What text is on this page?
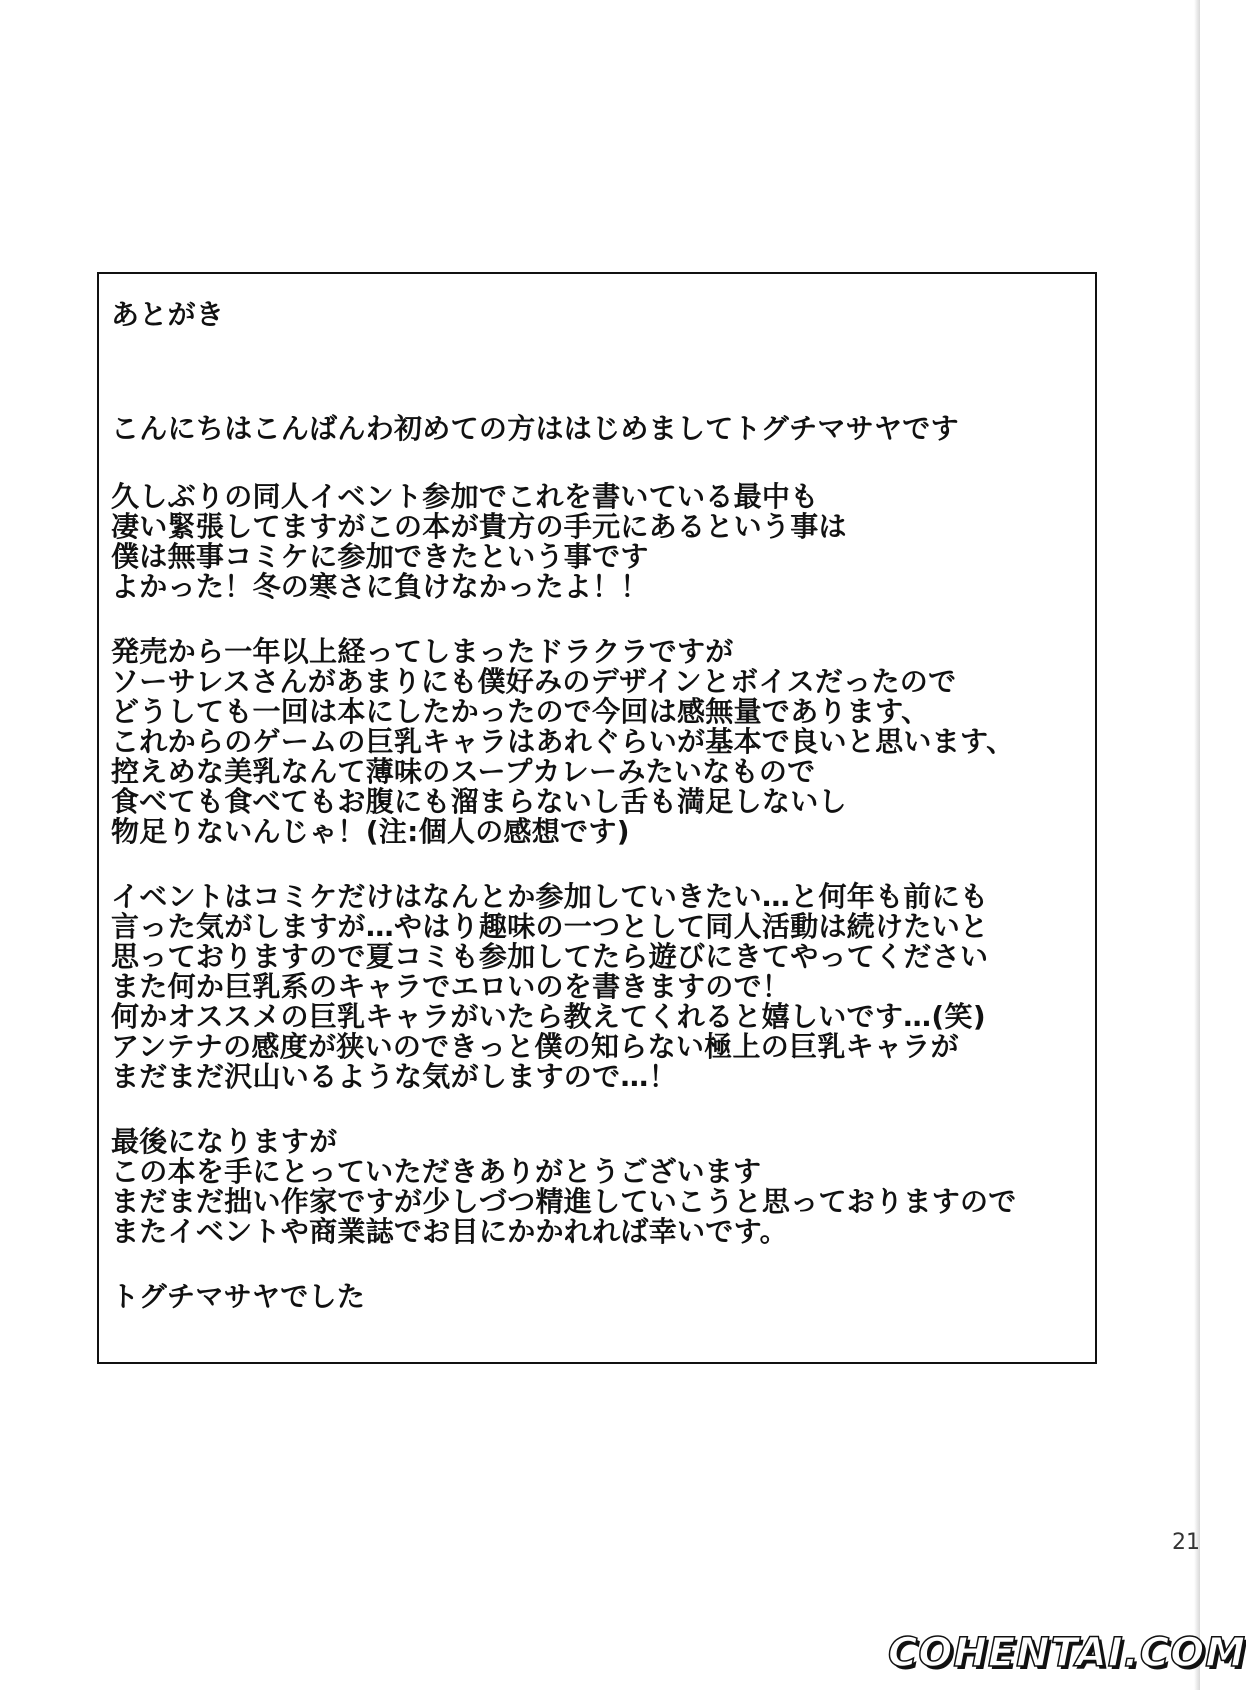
あとがき

こんにちはこんばんわ初めての方ははじめましてトグチマサヤです

久しぶりの同人イベント参加でこれを書いている最中も

凄い緊張してますがこの本が貴方の手元にあるという事は

僕は無事コミケに参加できたという事です

よかった！冬の寒さに負けなかったよ！！

発売から一年以上経ってしまったドラクラですが

ソーサレスさんがあまりにも僕好みのデザインとボイスだったので

どうしても一回は本にしたかったので今回は感無量であります、

これからのゲームの巨乳キャラはあれぐらいが基本で良いと思います、

控えめな美乳なんて薄味のスープカレーみたいなもので

食べても食べてもお腹にも溜まらないし舌も満足しないし

物足りないんじゃ！(注:個人の感想です)

イベントはコミケだけはなんとか参加していきたい…と何年も前にも

言った気がしますが…やはり趣味の一つとして同人活動は続けたいと

思っておりますので夏コミも参加してたら遊びにきてやってください

また何か巨乳系のキャラでエロいのを書きますので！

何かオススメの巨乳キャラがいたら教えてくれると嬉しいです…(笑)

アンテナの感度が狭いのできっと僕の知らない極上の巨乳キャラが

まだまだ沢山いるような気がしますので…！

最後になりますが

この本を手にとっていただきありがとうございます

まだまだ拙い作家ですが少しづつ精進していこうと思っておりますので

またイベントや商業誌でお目にかかれれば幸いです。

トグチマサヤでした

21
COHENTAI.COM
